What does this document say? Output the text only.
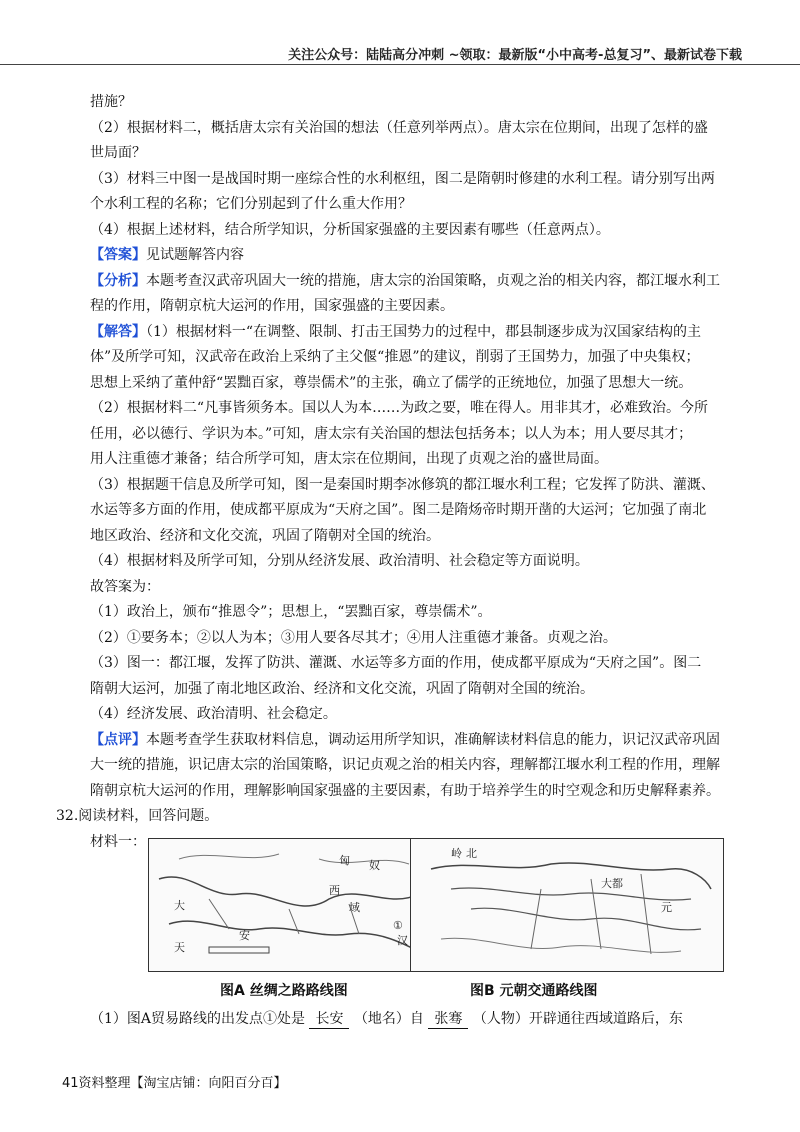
关注公众号：陆陆高分冲刺 ~领取：最新版“小中高考-总复习”、最新试卷下载
措施？
（2）根据材料二，概括唐太宗有关治国的想法（任意列举两点）。唐太宗在位期间，出现了怎样的盛
世局面？
（3）材料三中图一是战国时期一座综合性的水利枢纽，图二是隋朝时修建的水利工程。请分别写出两
个水利工程的名称；它们分别起到了什么重大作用？
（4）根据上述材料，结合所学知识，分析国家强盛的主要因素有哪些（任意两点）。
【答案】见试题解答内容
【分析】本题考查汉武帝巩固大一统的措施，唐太宗的治国策略，贞观之治的相关内容，都江堰水利工
程的作用，隋朝京杭大运河的作用，国家强盛的主要因素。
【解答】（1）根据材料一“在调整、限制、打击王国势力的过程中，郡县制逐步成为汉国家结构的主
体”及所学可知，汉武帝在政治上采纳了主父偃“推恩”的建议，削弱了王国势力，加强了中央集权；
思想上采纳了董仲舒“罢黜百家，尊崇儒术”的主张，确立了儒学的正统地位，加强了思想大一统。
（2）根据材料二“凡事皆须务本。国以人为本……为政之要，唯在得人。用非其才，必难致治。今所
任用，必以德行、学识为本。”可知，唐太宗有关治国的想法包括务本；以人为本；用人要尽其才；
用人注重德才兼备；结合所学可知，唐太宗在位期间，出现了贞观之治的盛世局面。
（3）根据题干信息及所学可知，图一是秦国时期李冰修筑的都江堰水利工程；它发挥了防洪、灌溉、
水运等多方面的作用，使成都平原成为“天府之国”。图二是隋炀帝时期开凿的大运河；它加强了南北
地区政治、经济和文化交流，巩固了隋朝对全国的统治。
（4）根据材料及所学可知，分别从经济发展、政治清明、社会稳定等方面说明。
故答案为：
（1）政治上，颁布“推恩令”；思想上，“罢黜百家，尊崇儒术”。
（2）①要务本；②以人为本；③用人要各尽其才；④用人注重德才兼备。贞观之治。
（3）图一：都江堰，发挥了防洪、灌溉、水运等多方面的作用，使成都平原成为“天府之国”。图二
隋朝大运河，加强了南北地区政治、经济和文化交流，巩固了隋朝对全国的统治。
（4）经济发展、政治清明、社会稳定。
【点评】本题考查学生获取材料信息，调动运用所学知识，准确解读材料信息的能力，识记汉武帝巩固
大一统的措施，识记唐太宗的治国策略，识记贞观之治的相关内容，理解都江堰水利工程的作用，理解
隋朝京杭大运河的作用，理解影响国家强盛的主要因素，有助于培养学生的时空观念和历史解释素养。
32.阅读材料，回答问题。
材料一：
匈 奴
西
域
安	汉
大
天
①
岭 北
大都
元
图A 丝绸之路路线图	图B 元朝交通路线图
（1）图A贸易路线的出发点①处是 长安 （地名）自 张骞 （人物）开辟通往西域道路后，东
41资料整理【淘宝店铺：向阳百分百】
